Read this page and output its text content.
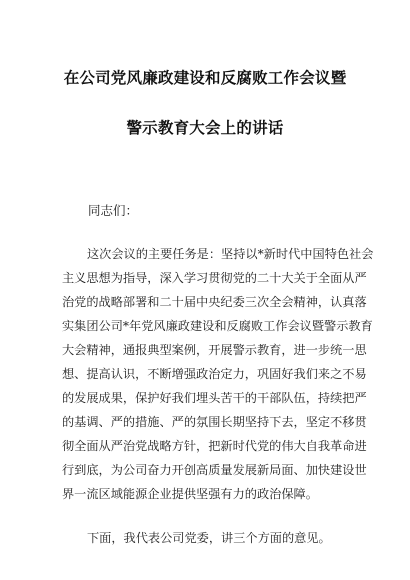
在公司党风廉政建设和反腐败工作会议暨
警示教育大会上的讲话
同志们：
这次会议的主要任务是：坚持以*新时代中国特色社会
主义思想为指导，深入学习贯彻党的二十大关于全面从严
治党的战略部署和二十届中央纪委三次全会精神，认真落
实集团公司*年党风廉政建设和反腐败工作会议暨警示教育
大会精神，通报典型案例，开展警示教育，进一步统一思
想、提高认识，不断增强政治定力，巩固好我们来之不易
的发展成果，保护好我们埋头苦干的干部队伍，持续把严
的基调、严的措施、严的氛围长期坚持下去，坚定不移贯
彻全面从严治党战略方针，把新时代党的伟大自我革命进
行到底，为公司奋力开创高质量发展新局面、加快建设世
界一流区域能源企业提供坚强有力的政治保障。
下面，我代表公司党委，讲三个方面的意见。
